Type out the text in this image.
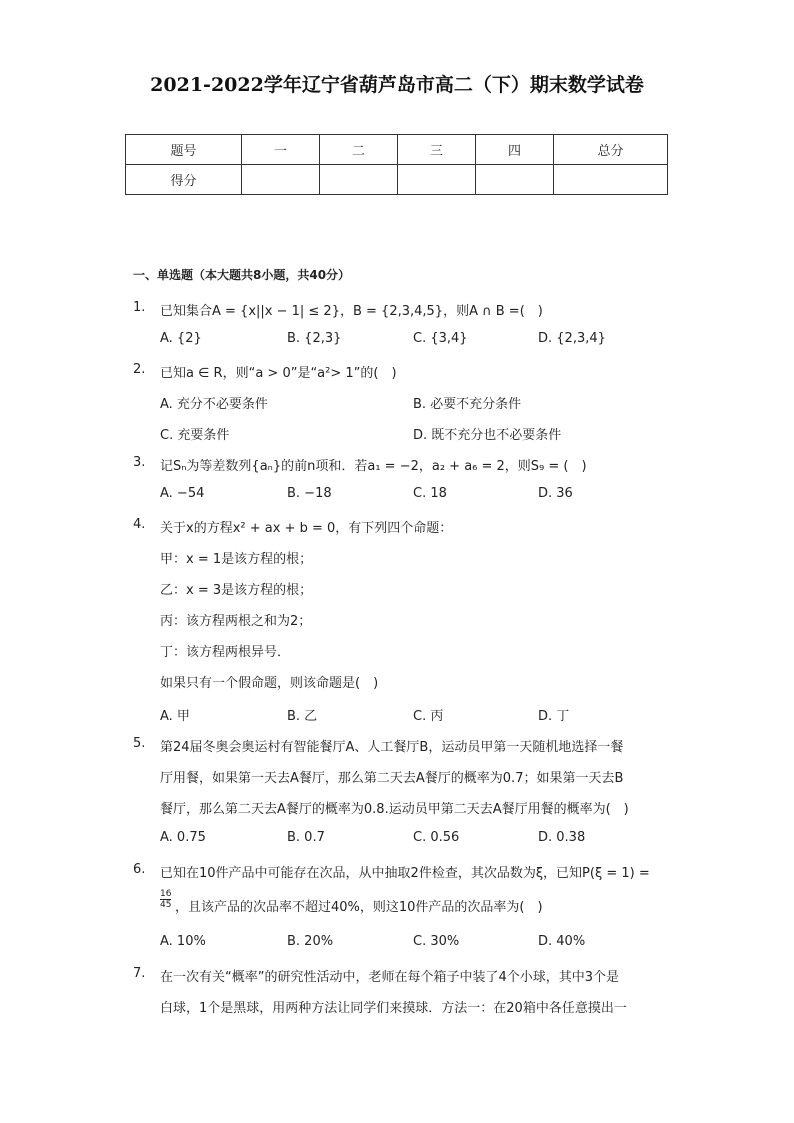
2021-2022学年辽宁省葫芦岛市高二（下）期末数学试卷
题号	一	二	三	四	总分
得分					
一、单选题（本大题共8小题，共40分）
1. 已知集合A = {x||x − 1| ≤ 2}，B = {2,3,4,5}，则A ∩ B =(　)
A. {2}	B. {2,3}	C. {3,4}	D. {2,3,4}
2. 已知a ∈ R，则“a > 0”是“a²> 1”的(　)
A. 充分不必要条件	B. 必要不充分条件
C. 充要条件	D. 既不充分也不必要条件
3. 记Sₙ为等差数列{aₙ}的前n项和．若a₁ = −2，a₂ + a₆ = 2，则S₉ = (　)
A. −54	B. −18	C. 18	D. 36
4. 关于x的方程x² + ax + b = 0，有下列四个命题：
甲：x = 1是该方程的根；
乙：x = 3是该方程的根；
丙：该方程两根之和为2；
丁：该方程两根异号．
如果只有一个假命题，则该命题是(　)
A. 甲	B. 乙	C. 丙	D. 丁
5. 第24届冬奥会奥运村有智能餐厅A、人工餐厅B，运动员甲第一天随机地选择一餐
厅用餐，如果第一天去A餐厅，那么第二天去A餐厅的概率为0.7；如果第一天去B
餐厅，那么第二天去A餐厅的概率为0.8.运动员甲第二天去A餐厅用餐的概率为(　)
A. 0.75	B. 0.7	C. 0.56	D. 0.38
6. 已知在10件产品中可能存在次品，从中抽取2件检查，其次品数为ξ，已知P(ξ = 1) =
$\frac{16}{45}$ ，且该产品的次品率不超过40%，则这10件产品的次品率为(　)
A. 10%	B. 20%	C. 30%	D. 40%
7. 在一次有关“概率”的研究性活动中，老师在每个箱子中装了4个小球，其中3个是
白球，1个是黑球，用两种方法让同学们来摸球．方法一：在20箱中各任意摸出一
